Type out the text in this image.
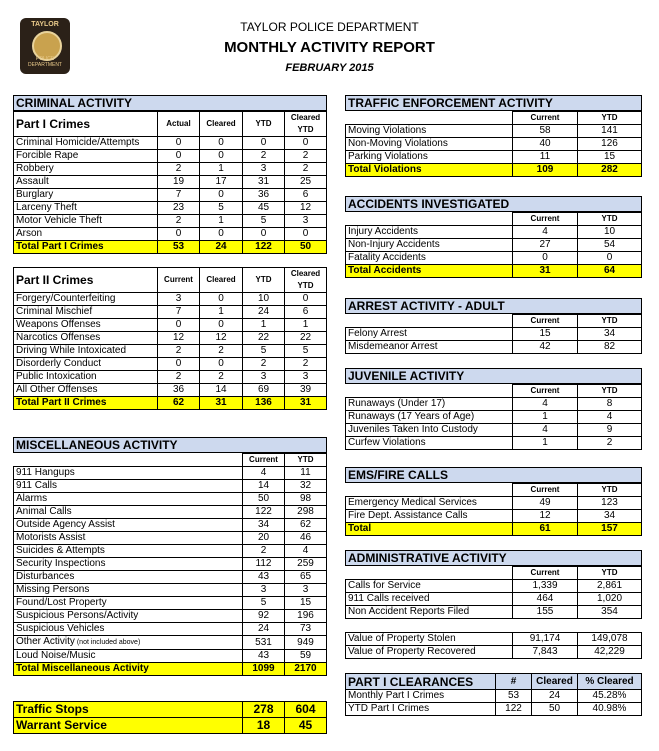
TAYLOR
POLICE DEPARTMENT
TAYLOR POLICE DEPARTMENT
MONTHLY ACTIVITY REPORT
FEBRUARY 2015
CRIMINAL ACTIVITY
Part I Crimes	Actual	Cleared	YTD	Cleared YTD
Criminal Homicide/Attempts	0	0	0	0
Forcible Rape	0	0	2	2
Robbery	2	1	3	2
Assault	19	17	31	25
Burglary	7	0	36	6
Larceny Theft	23	5	45	12
Motor Vehicle Theft	2	1	5	3
Arson	0	0	0	0
Total Part I Crimes	53	24	122	50
Part II Crimes	Current	Cleared	YTD	Cleared YTD
Forgery/Counterfeiting	3	0	10	0
Criminal Mischief	7	1	24	6
Weapons Offenses	0	0	1	1
Narcotics Offenses	12	12	22	22
Driving While Intoxicated	2	2	5	5
Disorderly Conduct	0	0	2	2
Public Intoxication	2	2	3	3
All Other Offenses	36	14	69	39
Total Part II Crimes	62	31	136	31
MISCELLANEOUS ACTIVITY
	Current	YTD
911 Hangups	4	11
911 Calls	14	32
Alarms	50	98
Animal Calls	122	298
Outside Agency Assist	34	62
Motorists Assist	20	46
Suicides & Attempts	2	4
Security Inspections	112	259
Disturbances	43	65
Missing Persons	3	3
Found/Lost Property	5	15
Suspicious Persons/Activity	92	196
Suspicious Vehicles	24	73
Other Activity (not included above)	531	949
Loud Noise/Music	43	59
Total Miscellaneous Activity	1099	2170
Traffic Stops	278	604
Warrant Service	18	45
TRAFFIC ENFORCEMENT ACTIVITY
	Current	YTD
Moving Violations	58	141
Non-Moving Violations	40	126
Parking Violations	11	15
Total Violations	109	282
ACCIDENTS INVESTIGATED
	Current	YTD
Injury Accidents	4	10
Non-Injury Accidents	27	54
Fatality Accidents	0	0
Total Accidents	31	64
ARREST ACTIVITY - ADULT
	Current	YTD
Felony Arrest	15	34
Misdemeanor Arrest	42	82
JUVENILE ACTIVITY
	Current	YTD
Runaways (Under 17)	4	8
Runaways (17 Years of Age)	1	4
Juveniles Taken Into Custody	4	9
Curfew Violations	1	2
EMS/FIRE CALLS
	Current	YTD
Emergency Medical Services	49	123
Fire Dept. Assistance Calls	12	34
Total	61	157
ADMINISTRATIVE ACTIVITY
	Current	YTD
Calls for Service	1,339	2,861
911 Calls received	464	1,020
Non Accident Reports Filed	155	354
Value of Property Stolen	91,174	149,078
Value of Property Recovered	7,843	42,229
PART I CLEARANCES	#	Cleared	% Cleared
Monthly Part I Crimes	53	24	45.28%
YTD Part I Crimes	122	50	40.98%
